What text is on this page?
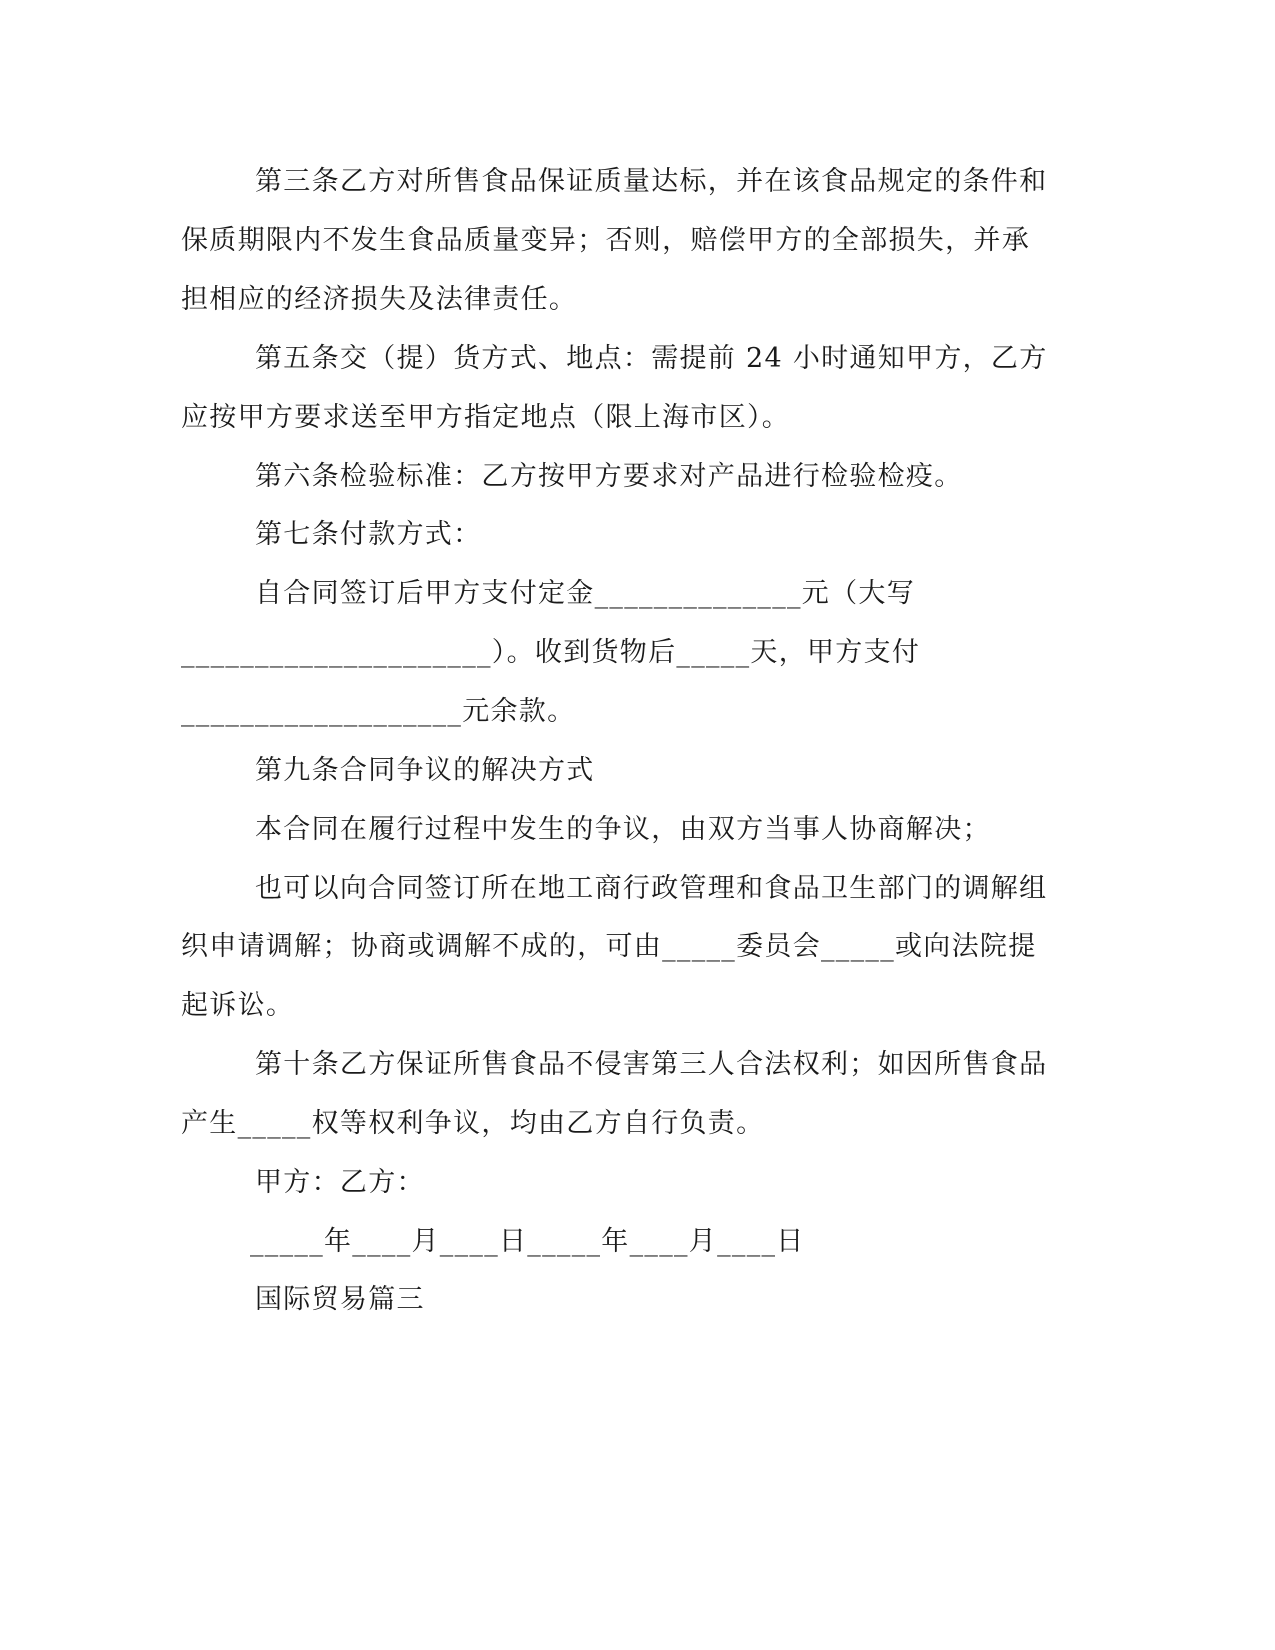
第三条乙方对所售食品保证质量达标，并在该食品规定的条件和
保质期限内不发生食品质量变异；否则，赔偿甲方的全部损失，并承
担相应的经济损失及法律责任。
第五条交（提）货方式、地点：需提前 24 小时通知甲方，乙方
应按甲方要求送至甲方指定地点（限上海市区）。
第六条检验标准：乙方按甲方要求对产品进行检验检疫。
第七条付款方式：
自合同签订后甲方支付定金______________元（大写
_____________________）。收到货物后_____天，甲方支付
___________________元余款。
第九条合同争议的解决方式
本合同在履行过程中发生的争议，由双方当事人协商解决；
也可以向合同签订所在地工商行政管理和食品卫生部门的调解组
织申请调解；协商或调解不成的，可由_____委员会_____或向法院提
起诉讼。
第十条乙方保证所售食品不侵害第三人合法权利；如因所售食品
产生_____权等权利争议，均由乙方自行负责。
甲方：乙方：
_____年____月____日_____年____月____日
国际贸易篇三
